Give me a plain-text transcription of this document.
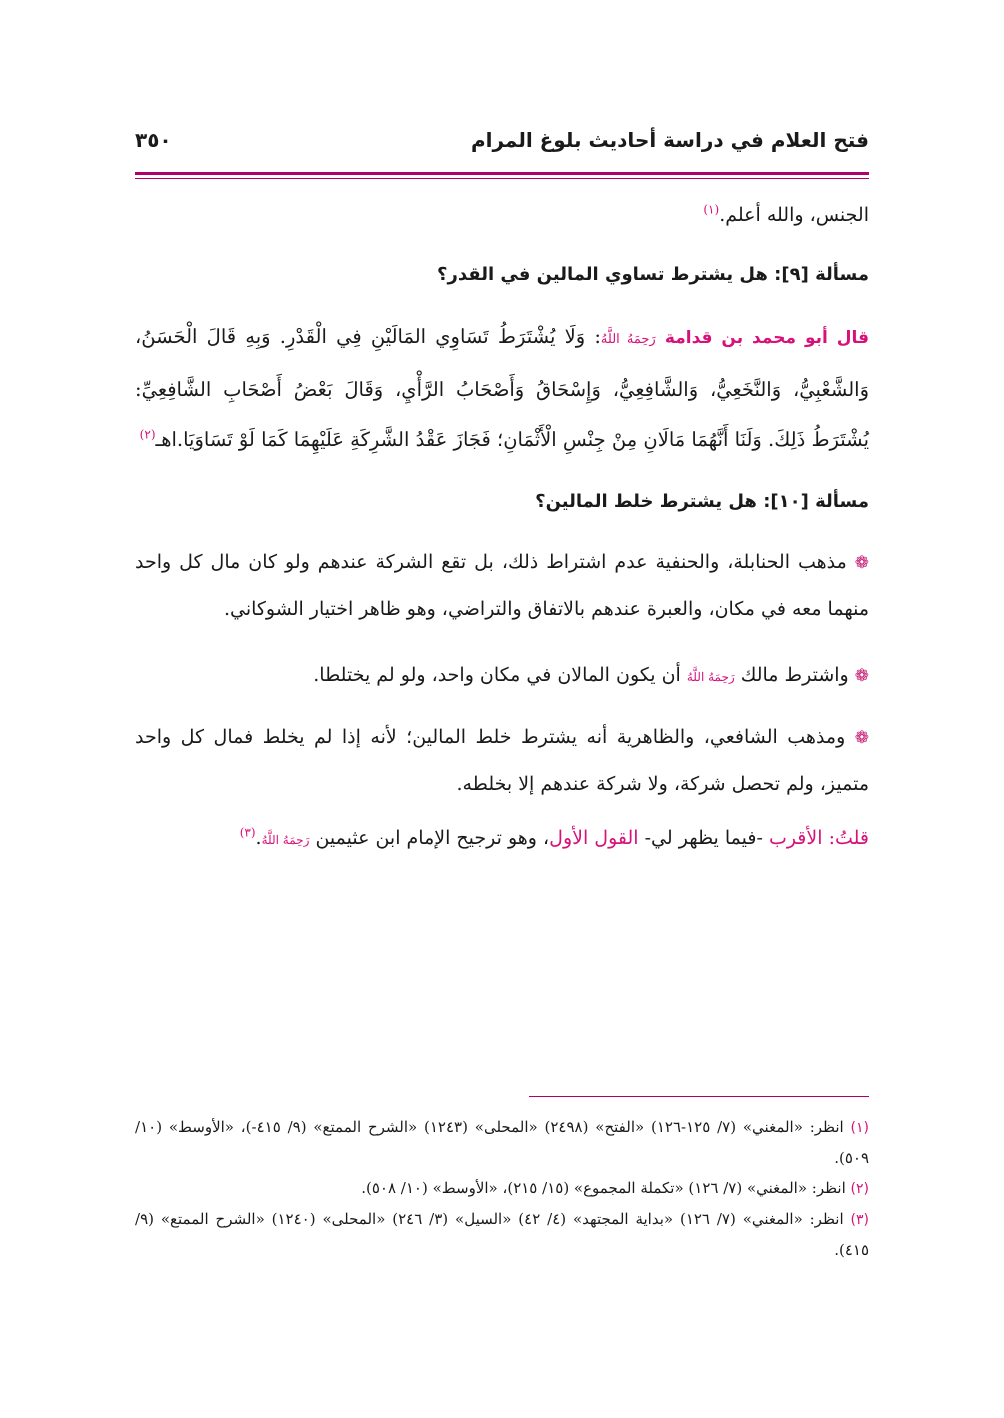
فتح العلام في دراسة أحاديث بلوغ المرام
٣٥٠

الجنس، والله أعلم.$^{(١)}$

مسألة [٩]: هل يشترط تساوي المالين في القدر؟

قال أبو محمد بن قدامة رَحِمَهُ اللَّهُ: وَلَا يُشْتَرَطُ تَسَاوِي المَالَيْنِ فِي الْقَدْرِ. وَبِهِ قَالَ الْحَسَنُ، وَالشَّعْبِيُّ، وَالنَّخَعِيُّ، وَالشَّافِعِيُّ، وَإِسْحَاقُ وَأَصْحَابُ الرَّأْيِ، وَقَالَ بَعْضُ أَصْحَابِ الشَّافِعِيِّ: يُشْتَرَطُ ذَلِكَ. وَلَنَا أَنَّهُمَا مَالَانِ مِنْ جِنْسِ الْأَثْمَانِ؛ فَجَازَ عَقْدُ الشَّرِكَةِ عَلَيْهِمَا كَمَا لَوْ تَسَاوَيَا.اهـ$^{(٢)}$

مسألة [١٠]: هل يشترط خلط المالين؟

❁ مذهب الحنابلة، والحنفية عدم اشتراط ذلك، بل تقع الشركة عندهم ولو كان مال كل واحد منهما معه في مكان، والعبرة عندهم بالاتفاق والتراضي، وهو ظاهر اختيار الشوكاني.

❁ واشترط مالك رَحِمَهُ اللَّهُ أن يكون المالان في مكان واحد، ولو لم يختلطا.

❁ ومذهب الشافعي، والظاهرية أنه يشترط خلط المالين؛ لأنه إذا لم يخلط فمال كل واحد متميز، ولم تحصل شركة، ولا شركة عندهم إلا بخلطه.

قلتُ: الأقرب -فيما يظهر لي- القول الأول، وهو ترجيح الإمام ابن عثيمين رَحِمَهُ اللَّهُ.$^{(٣)}$

(١) انظر: «المغني» (٧/ ١٢٥-١٢٦) «الفتح» (٢٤٩٨) «المحلى» (١٢٤٣) «الشرح الممتع» (٩/ ٤١٥-)، «الأوسط» (١٠/ ٥٠٩).

(٢) انظر: «المغني» (٧/ ١٢٦) «تكملة المجموع» (١٥/ ٢١٥)، «الأوسط» (١٠/ ٥٠٨).

(٣) انظر: «المغني» (٧/ ١٢٦) «بداية المجتهد» (٤/ ٤٢) «السيل» (٣/ ٢٤٦) «المحلى» (١٢٤٠) «الشرح الممتع» (٩/ ٤١٥).
